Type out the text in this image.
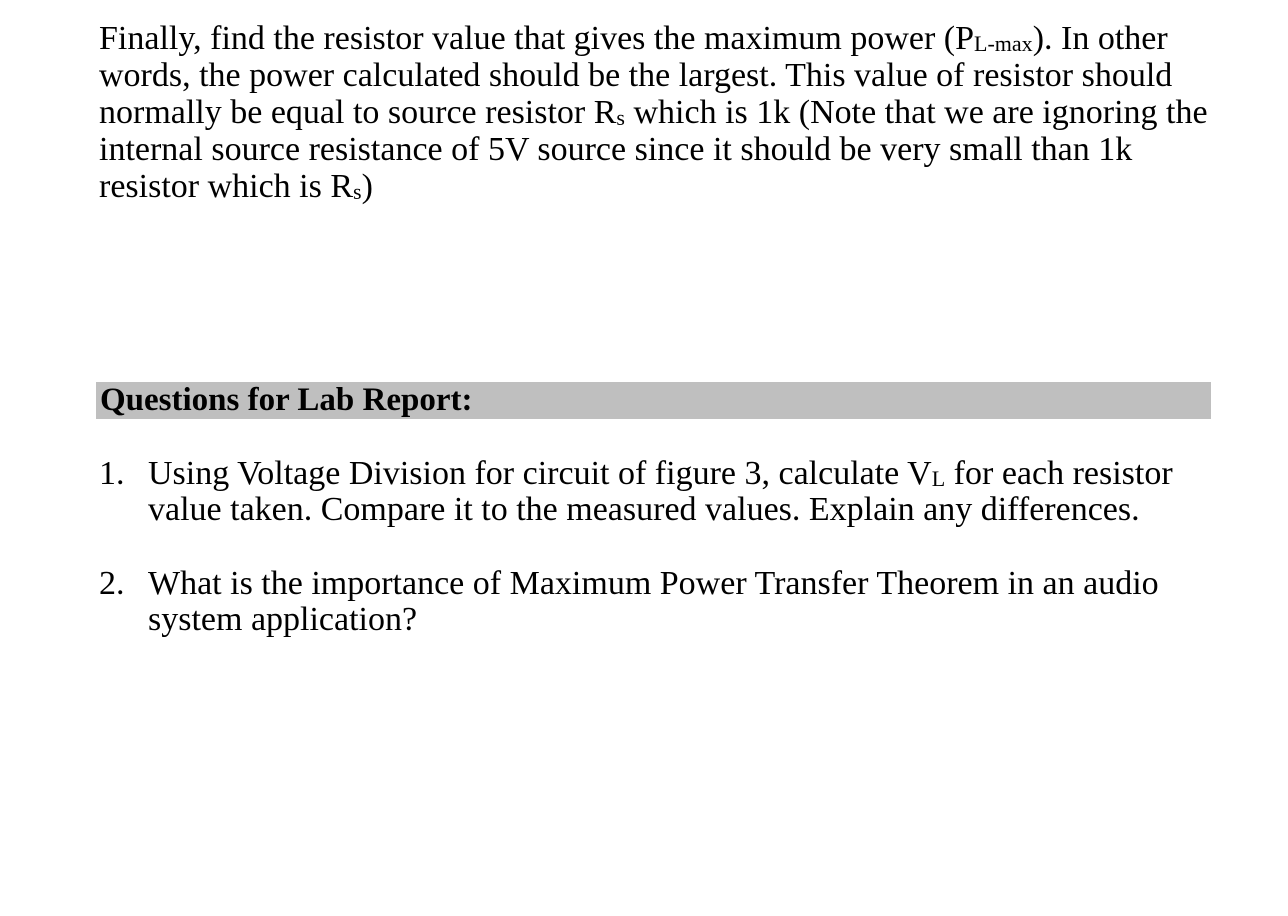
Finally, find the resistor value that gives the maximum power $(P_{L-max})$. In other words, the power calculated should be the largest. This value of resistor should normally be equal to source resistor $R_s$ which is 1k (Note that we are ignoring the internal source resistance of 5V source since it should be very small than 1k resistor which is $R_s$)

Questions for Lab Report:
1. Using Voltage Division for circuit of figure 3, calculate $V_L$ for each resistor value taken. Compare it to the measured values. Explain any differences.
2. What is the importance of Maximum Power Transfer Theorem in an audio system application?
